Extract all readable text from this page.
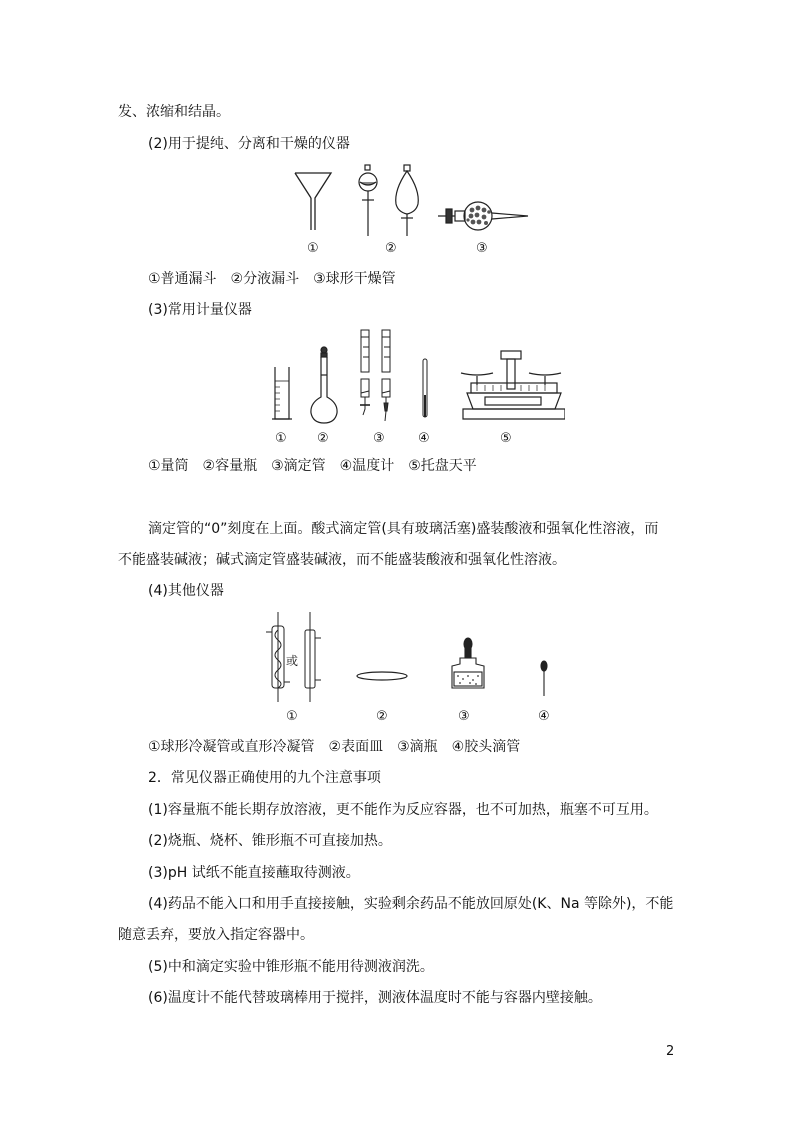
发、浓缩和结晶。
(2)用于提纯、分离和干燥的仪器
①	②	③
①普通漏斗　②分液漏斗　③球形干燥管
(3)常用计量仪器
① ②	③	④	⑤
①量筒　②容量瓶　③滴定管　④温度计　⑤托盘天平
滴定管的“0”刻度在上面。酸式滴定管(具有玻璃活塞)盛装酸液和强氧化性溶液，而
不能盛装碱液；碱式滴定管盛装碱液，而不能盛装酸液和强氧化性溶液。
(4)其他仪器
或
①	②	③	④
①球形冷凝管或直形冷凝管　②表面皿　③滴瓶　④胶头滴管
2．常见仪器正确使用的九个注意事项
(1)容量瓶不能长期存放溶液，更不能作为反应容器，也不可加热，瓶塞不可互用。
(2)烧瓶、烧杯、锥形瓶不可直接加热。
(3)pH 试纸不能直接蘸取待测液。
(4)药品不能入口和用手直接接触，实验剩余药品不能放回原处(K、Na 等除外)，不能
随意丢弃，要放入指定容器中。
(5)中和滴定实验中锥形瓶不能用待测液润洗。
(6)温度计不能代替玻璃棒用于搅拌，测液体温度时不能与容器内壁接触。
2
